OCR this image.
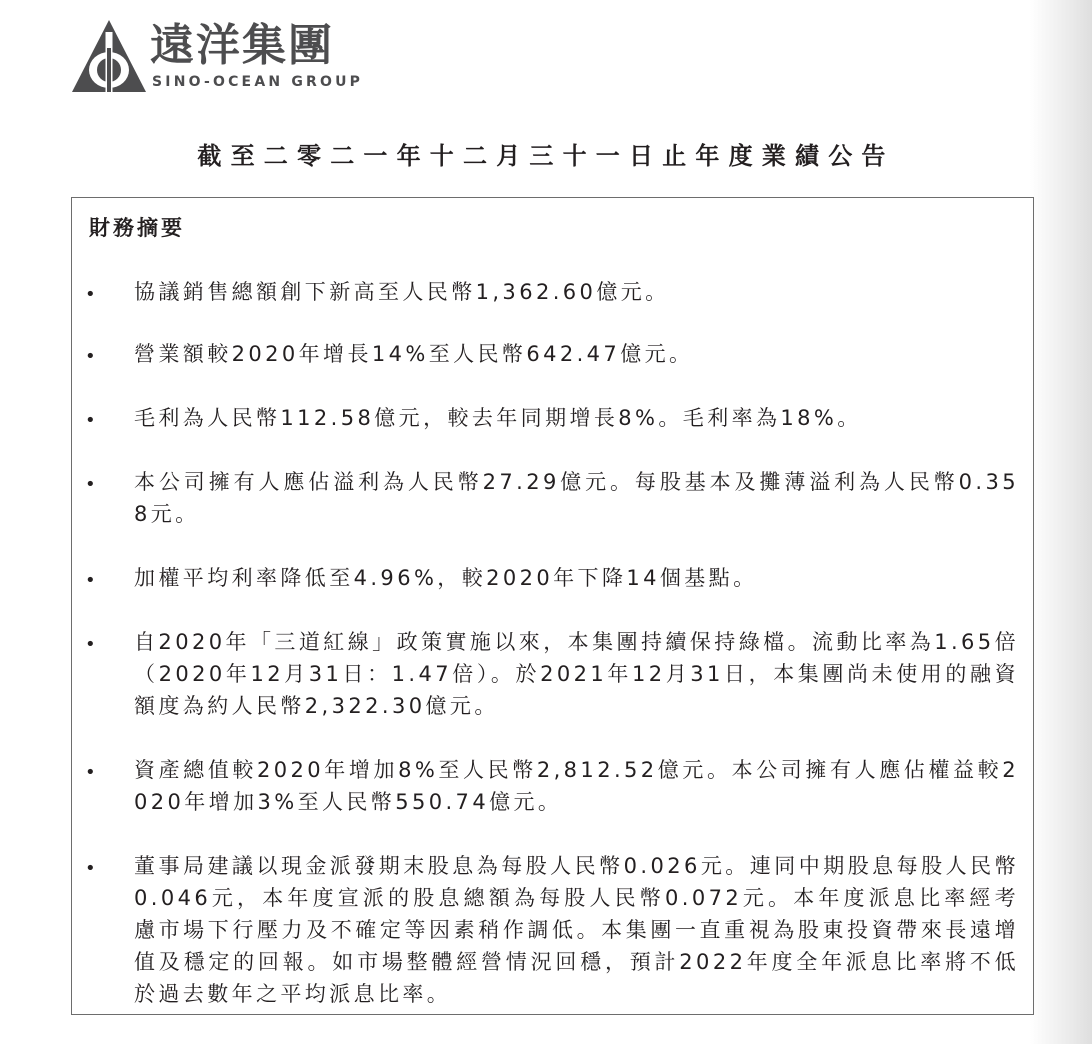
遠洋集團
SINO-OCEAN GROUP
截至二零二一年十二月三十一日止年度業績公告
財務摘要
• 協議銷售總額創下新高至人民幣1,362.60億元。

• 營業額較2020年增長14%至人民幣642.47億元。

• 毛利為人民幣112.58億元，較去年同期增長8%。毛利率為18%。

• 本公司擁有人應佔溢利為人民幣27.29億元。每股基本及攤薄溢利為人民幣0.358元。

• 加權平均利率降低至4.96%，較2020年下降14個基點。

• 自2020年「三道紅線」政策實施以來，本集團持續保持綠檔。流動比率為1.65倍（2020年12月31日：1.47倍）。於2021年12月31日，本集團尚未使用的融資額度為約人民幣2,322.30億元。

• 資產總值較2020年增加8%至人民幣2,812.52億元。本公司擁有人應佔權益較2020年增加3%至人民幣550.74億元。

• 董事局建議以現金派發期末股息為每股人民幣0.026元。連同中期股息每股人民幣0.046元，本年度宣派的股息總額為每股人民幣0.072元。本年度派息比率經考慮市場下行壓力及不確定等因素稍作調低。本集團一直重視為股東投資帶來長遠增值及穩定的回報。如市場整體經營情況回穩，預計2022年度全年派息比率將不低於過去數年之平均派息比率。
